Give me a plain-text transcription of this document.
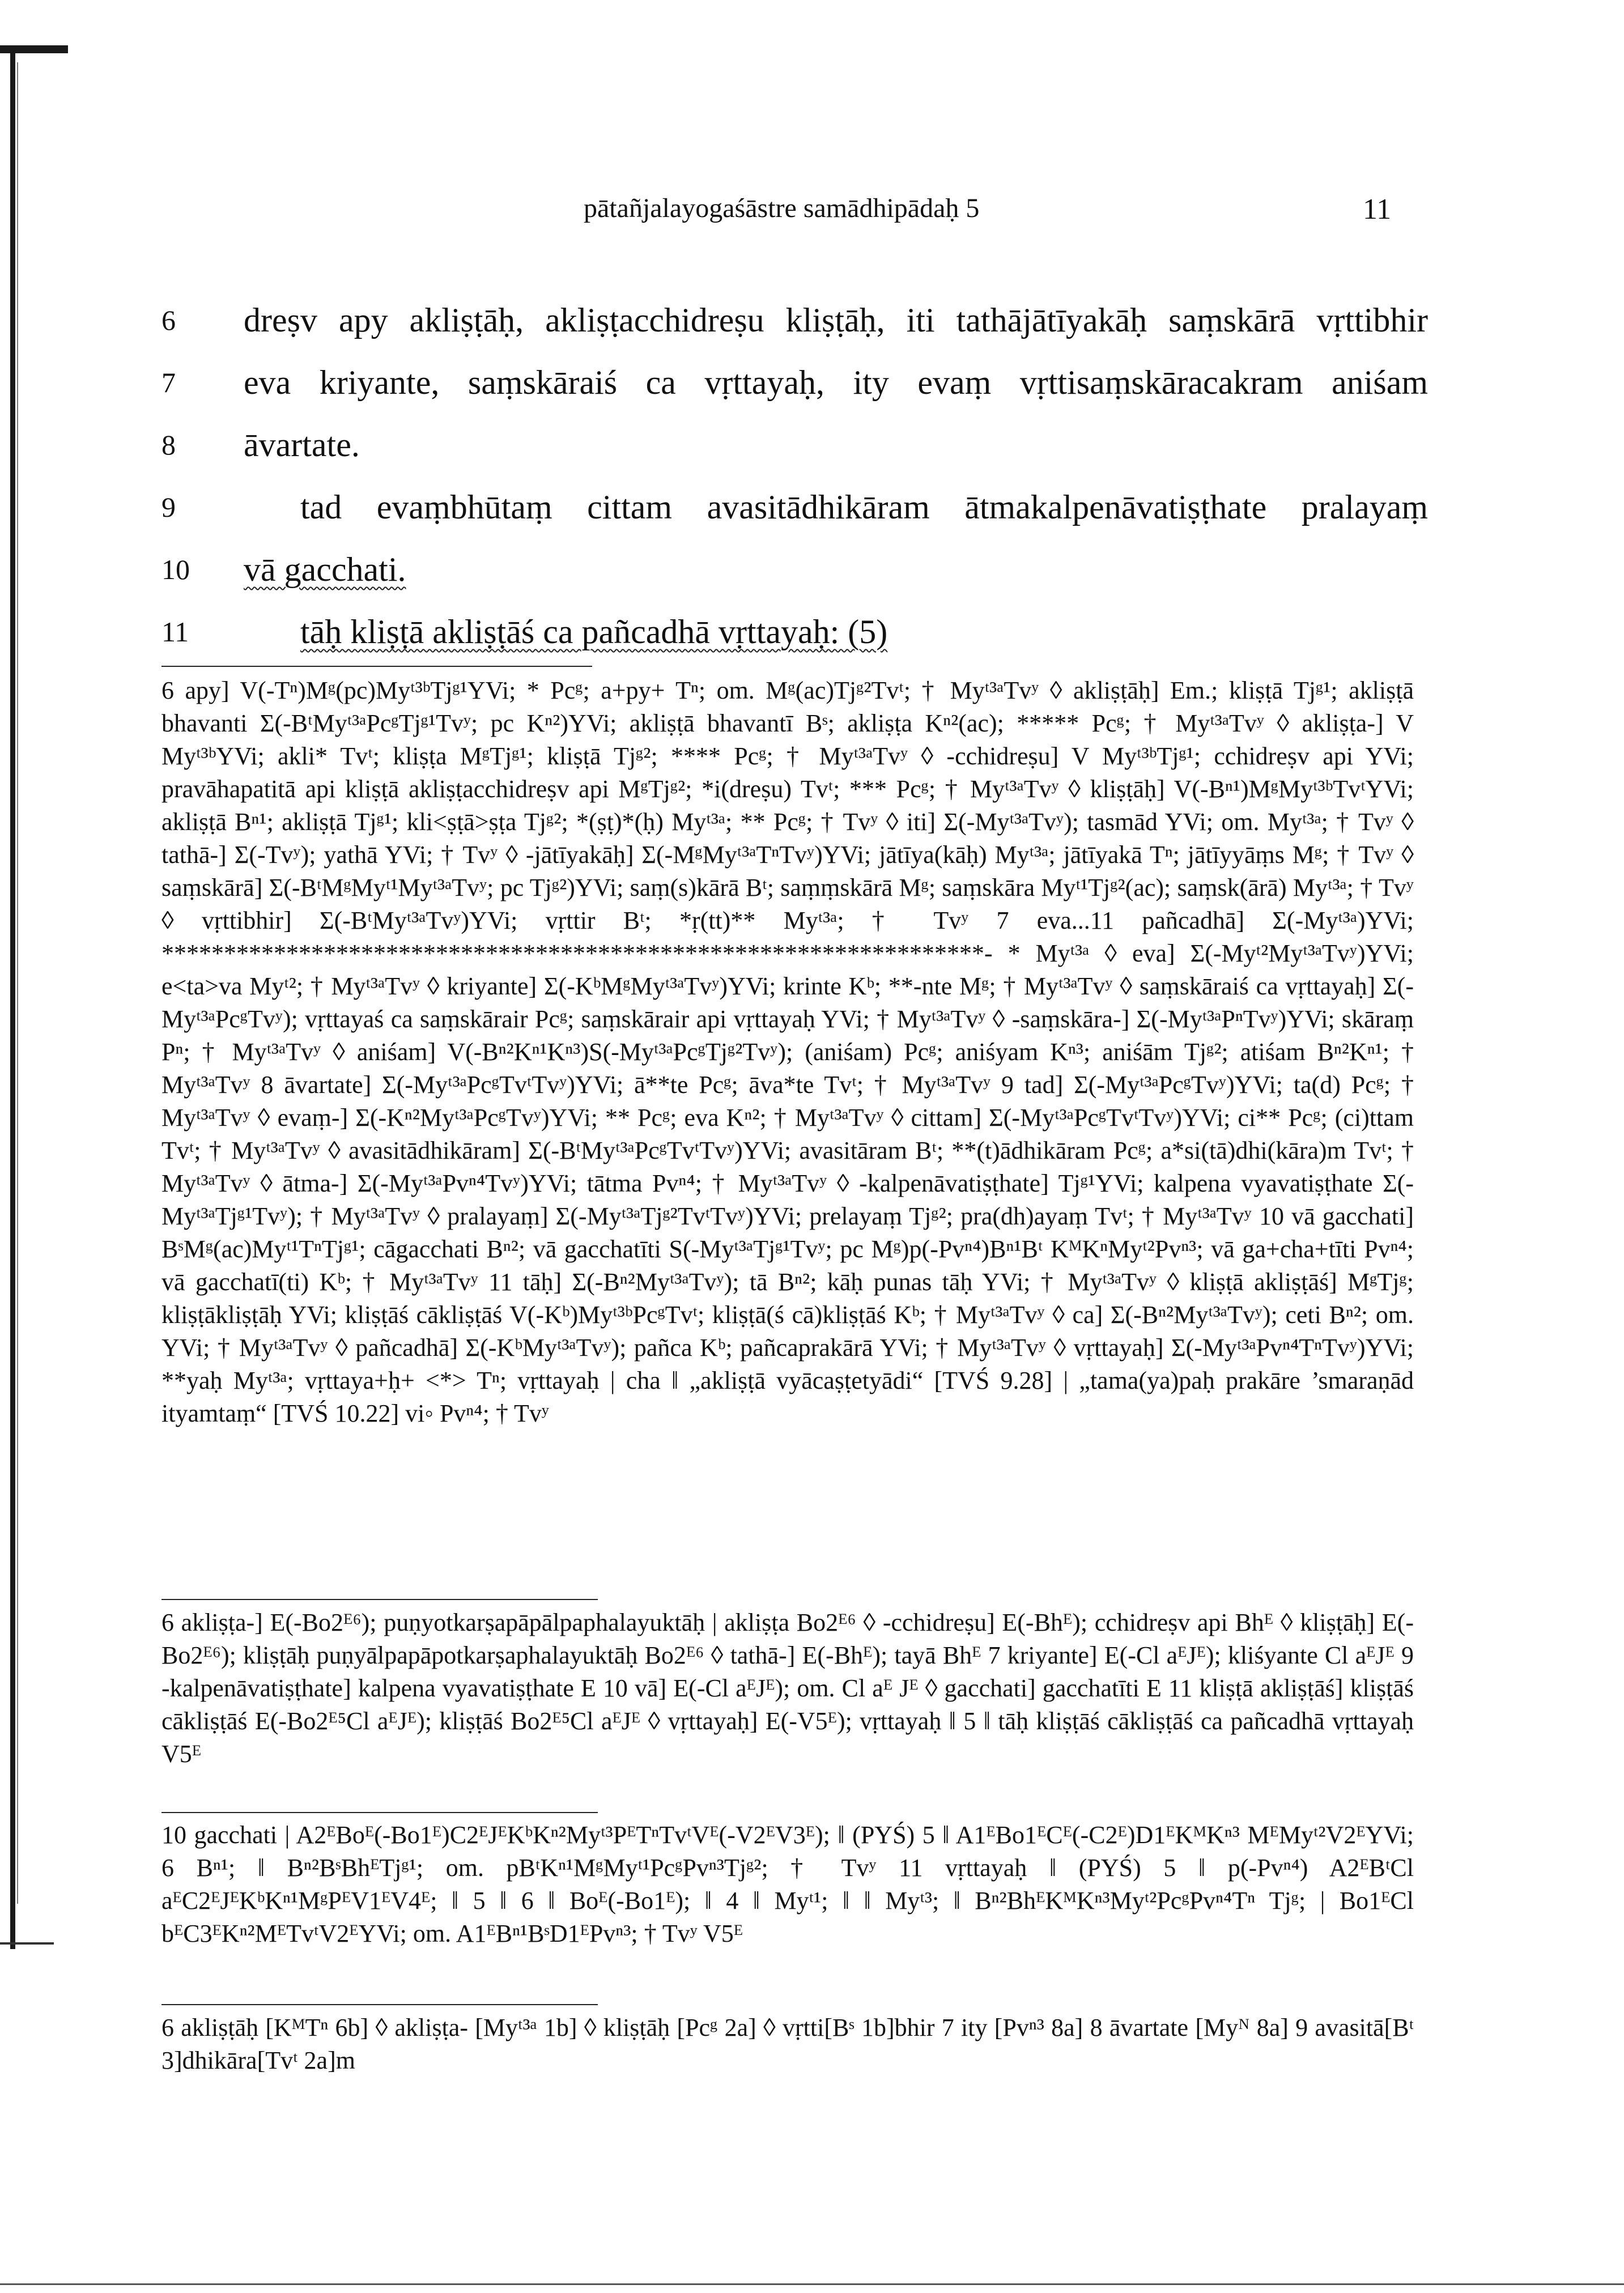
pātañjalayogaśāstre samādhipādaḥ 5	11
6	dreṣv apy akliṣṭāḥ, akliṣṭacchidreṣu kliṣṭāḥ, iti tathājātīyakāḥ saṃskārā vṛttibhir
7	eva kriyante, saṃskāraiś ca vṛttayaḥ, ity evaṃ vṛttisaṃskāracakram aniśam
8	āvartate.
9	tad evaṃbhūtaṃ cittam avasitādhikāram ātmakalpenāvatiṣṭhate pralayaṃ
10 vā gacchati.
11	tāḥ kliṣṭā akliṣṭāś ca pañcadhā vṛttayaḥ: (5)
6 apy] V(-Tⁿ)Mᵍ(pc)Myᵗ³ᵇTjᵍ¹YVi; * Pcᵍ; a+py+ Tⁿ; om. Mᵍ(ac)Tjᵍ²Tvᵗ; † Myᵗ³ᵃTvʸ ◊ akliṣṭāḥ] Em.; kliṣṭā Tjᵍ¹; akliṣṭā bhavanti Σ(-BᵗMyᵗ³ᵃPcᵍTjᵍ¹Tvʸ; pc Kⁿ²)YVi; akliṣṭā bhavantī Bˢ; akliṣṭa Kⁿ²(ac); ***** Pcᵍ; † Myᵗ³ᵃTvʸ ◊ akliṣṭa-] V Myᵗ³ᵇYVi; akli* Tvᵗ; kliṣṭa MᵍTjᵍ¹; kliṣṭā Tjᵍ²; **** Pcᵍ; † Myᵗ³ᵃTvʸ ◊ -cchidreṣu] V Myᵗ³ᵇTjᵍ¹; cchidreṣv api YVi; pravāhapatitā api kliṣṭā akliṣṭacchidreṣv api MᵍTjᵍ²; *i(dreṣu) Tvᵗ; *** Pcᵍ; † Myᵗ³ᵃTvʸ ◊ kliṣṭāḥ] V(-Bⁿ¹)MᵍMyᵗ³ᵇTvᵗYVi; akliṣṭā Bⁿ¹; akliṣṭā Tjᵍ¹; kli<ṣṭā>ṣṭa Tjᵍ²; *(ṣṭ)*(ḥ) Myᵗ³ᵃ; ** Pcᵍ; † Tvʸ ◊ iti] Σ(-Myᵗ³ᵃTvʸ); tasmād YVi; om. Myᵗ³ᵃ; † Tvʸ ◊ tathā-] Σ(-Tvʸ); yathā YVi; † Tvʸ ◊ -jātīyakāḥ] Σ(-MᵍMyᵗ³ᵃTⁿTvʸ)YVi; jātīya(kāḥ) Myᵗ³ᵃ; jātīyakā Tⁿ; jātīyyāṃs Mᵍ; † Tvʸ ◊ saṃskārā] Σ(-BᵗMᵍMyᵗ¹Myᵗ³ᵃTvʸ; pc Tjᵍ²)YVi; saṃ(s)kārā Bᵗ; saṃṃskārā Mᵍ; saṃskāra Myᵗ¹Tjᵍ²(ac); saṃsk(ārā) Myᵗ³ᵃ; † Tvʸ ◊ vṛttibhir] Σ(-BᵗMyᵗ³ᵃTvʸ)YVi; vṛttir Bᵗ; *ṛ(tt)** Myᵗ³ᵃ; † Tvʸ 7 eva...11 pañcadhā] Σ(-Myᵗ³ᵃ)YVi; ******************************************************************- * Myᵗ³ᵃ ◊ eva] Σ(-Myᵗ²Myᵗ³ᵃTvʸ)YVi; e<ta>va Myᵗ²; † Myᵗ³ᵃTvʸ ◊ kriyante] Σ(-KᵇMᵍMyᵗ³ᵃTvʸ)YVi; krinte Kᵇ; **-nte Mᵍ; † Myᵗ³ᵃTvʸ ◊ saṃskāraiś ca vṛttayaḥ] Σ(-Myᵗ³ᵃPcᵍTvʸ); vṛttayaś ca saṃskārair Pcᵍ; saṃskārair api vṛttayaḥ YVi; † Myᵗ³ᵃTvʸ ◊ -saṃskāra-] Σ(-Myᵗ³ᵃPⁿTvʸ)YVi; skāraṃ Pⁿ; † Myᵗ³ᵃTvʸ ◊ aniśam] V(-Bⁿ²Kⁿ¹Kⁿ³)S(-Myᵗ³ᵃPcᵍTjᵍ²Tvʸ); (aniśam) Pcᵍ; aniśyam Kⁿ³; aniśām Tjᵍ²; atiśam Bⁿ²Kⁿ¹; † Myᵗ³ᵃTvʸ 8 āvartate] Σ(-Myᵗ³ᵃPcᵍTvᵗTvʸ)YVi; ā**te Pcᵍ; āva*te Tvᵗ; † Myᵗ³ᵃTvʸ 9 tad] Σ(-Myᵗ³ᵃPcᵍTvʸ)YVi; ta(d) Pcᵍ; † Myᵗ³ᵃTvʸ ◊ evaṃ-] Σ(-Kⁿ²Myᵗ³ᵃPcᵍTvʸ)YVi; ** Pcᵍ; eva Kⁿ²; † Myᵗ³ᵃTvʸ ◊ cittam] Σ(-Myᵗ³ᵃPcᵍTvᵗTvʸ)YVi; ci** Pcᵍ; (ci)ttam Tvᵗ; † Myᵗ³ᵃTvʸ ◊ avasitādhikāram] Σ(-BᵗMyᵗ³ᵃPcᵍTvᵗTvʸ)YVi; avasitāram Bᵗ; **(t)ādhikāram Pcᵍ; a*si(tā)dhi(kāra)m Tvᵗ; † Myᵗ³ᵃTvʸ ◊ ātma-] Σ(-Myᵗ³ᵃPvⁿ⁴Tvʸ)YVi; tātma Pvⁿ⁴; † Myᵗ³ᵃTvʸ ◊ -kalpenāvatiṣṭhate] Tjᵍ¹YVi; kalpena vyavatiṣṭhate Σ(-Myᵗ³ᵃTjᵍ¹Tvʸ); † Myᵗ³ᵃTvʸ ◊ pralayaṃ] Σ(-Myᵗ³ᵃTjᵍ²TvᵗTvʸ)YVi; prelayaṃ Tjᵍ²; pra(dh)ayaṃ Tvᵗ; † Myᵗ³ᵃTvʸ 10 vā gacchati] BˢMᵍ(ac)Myᵗ¹TⁿTjᵍ¹; cāgacchati Bⁿ²; vā gacchatīti S(-Myᵗ³ᵃTjᵍ¹Tvʸ; pc Mᵍ)p(-Pvⁿ⁴)Bⁿ¹Bᵗ KᴹKⁿMyᵗ²Pvⁿ³; vā ga+cha+tīti Pvⁿ⁴; vā gacchatī(ti) Kᵇ; † Myᵗ³ᵃTvʸ 11 tāḥ] Σ(-Bⁿ²Myᵗ³ᵃTvʸ); tā Bⁿ²; kāḥ punas tāḥ YVi; † Myᵗ³ᵃTvʸ ◊ kliṣṭā akliṣṭāś] MᵍTjᵍ; kliṣṭākliṣṭāḥ YVi; kliṣṭāś cākliṣṭāś V(-Kᵇ)Myᵗ³ᵇPcᵍTvᵗ; kliṣṭā(ś cā)kliṣṭāś Kᵇ; † Myᵗ³ᵃTvʸ ◊ ca] Σ(-Bⁿ²Myᵗ³ᵃTvʸ); ceti Bⁿ²; om. YVi; † Myᵗ³ᵃTvʸ ◊ pañcadhā] Σ(-KᵇMyᵗ³ᵃTvʸ); pañca Kᵇ; pañcaprakārā YVi; † Myᵗ³ᵃTvʸ ◊ vṛttayaḥ] Σ(-Myᵗ³ᵃPvⁿ⁴TⁿTvʸ)YVi; **yaḥ Myᵗ³ᵃ; vṛttaya+ḥ+ <*> Tⁿ; vṛttayaḥ | cha ‖ „akliṣṭā vyācaṣṭetyādi“ [TVŚ 9.28] | „tama(ya)paḥ prakāre ’smaraṇād ityamtaṃ“ [TVŚ 10.22] vi◦ Pvⁿ⁴; † Tvʸ
6 akliṣṭa-] E(-Bo2ᴱ⁶); puṇyotkarṣapāpālpaphalayuktāḥ | akliṣṭa Bo2ᴱ⁶ ◊ -cchidreṣu] E(-Bhᴱ); cchidreṣv api Bhᴱ ◊ kliṣṭāḥ] E(-Bo2ᴱ⁶); kliṣṭāḥ puṇyālpapāpotkarṣaphalayuktāḥ Bo2ᴱ⁶ ◊ tathā-] E(-Bhᴱ); tayā Bhᴱ 7 kriyante] E(-Cl aᴱJᴱ); kliśyante Cl aᴱJᴱ 9 -kalpenāvatiṣṭhate] kalpena vyavatiṣṭhate E 10 vā] E(-Cl aᴱJᴱ); om. Cl aᴱ Jᴱ ◊ gacchati] gacchatīti E 11 kliṣṭā akliṣṭāś] kliṣṭāś cākliṣṭāś E(-Bo2ᴱ⁵Cl aᴱJᴱ); kliṣṭāś Bo2ᴱ⁵Cl aᴱJᴱ ◊ vṛttayaḥ] E(-V5ᴱ); vṛttayaḥ ‖ 5 ‖ tāḥ kliṣṭāś cākliṣṭāś ca pañcadhā vṛttayaḥ V5ᴱ
10 gacchati | A2ᴱBoᴱ(-Bo1ᴱ)C2ᴱJᴱKᵇKⁿ²Myᵗ³PᴱTⁿTvᵗVᴱ(-V2ᴱV3ᴱ); ‖ (PYŚ) 5 ‖ A1ᴱBo1ᴱCᴱ(-C2ᴱ)D1ᴱKᴹKⁿ³ MᴱMyᵗ²V2ᴱYVi; 6 Bⁿ¹; ‖ Bⁿ²BˢBhᴱTjᵍ¹; om. pBᵗKⁿ¹MᵍMyᵗ¹PcᵍPvⁿ³Tjᵍ²; † Tvʸ 11 vṛttayaḥ ‖ (PYŚ) 5 ‖ p(-Pvⁿ⁴) A2ᴱBᵗCl aᴱC2ᴱJᴱKᵇKⁿ¹MᵍPᴱV1ᴱV4ᴱ; ‖ 5 ‖ 6 ‖ Boᴱ(-Bo1ᴱ); ‖ 4 ‖ Myᵗ¹; ‖ ‖ Myᵗ³; ‖ Bⁿ²BhᴱKᴹKⁿ³Myᵗ²PcᵍPvⁿ⁴Tⁿ Tjᵍ; | Bo1ᴱCl bᴱC3ᴱKⁿ²MᴱTvᵗV2ᴱYVi; om. A1ᴱBⁿ¹BˢD1ᴱPvⁿ³; † Tvʸ V5ᴱ
6 akliṣṭāḥ [KᴹTⁿ 6b] ◊ akliṣṭa- [Myᵗ³ᵃ 1b] ◊ kliṣṭāḥ [Pcᵍ 2a] ◊ vṛtti[Bˢ 1b]bhir 7 ity [Pvⁿ³ 8a] 8 āvartate [Myᴺ 8a] 9 avasitā[Bᵗ 3]dhikāra[Tvᵗ 2a]m
